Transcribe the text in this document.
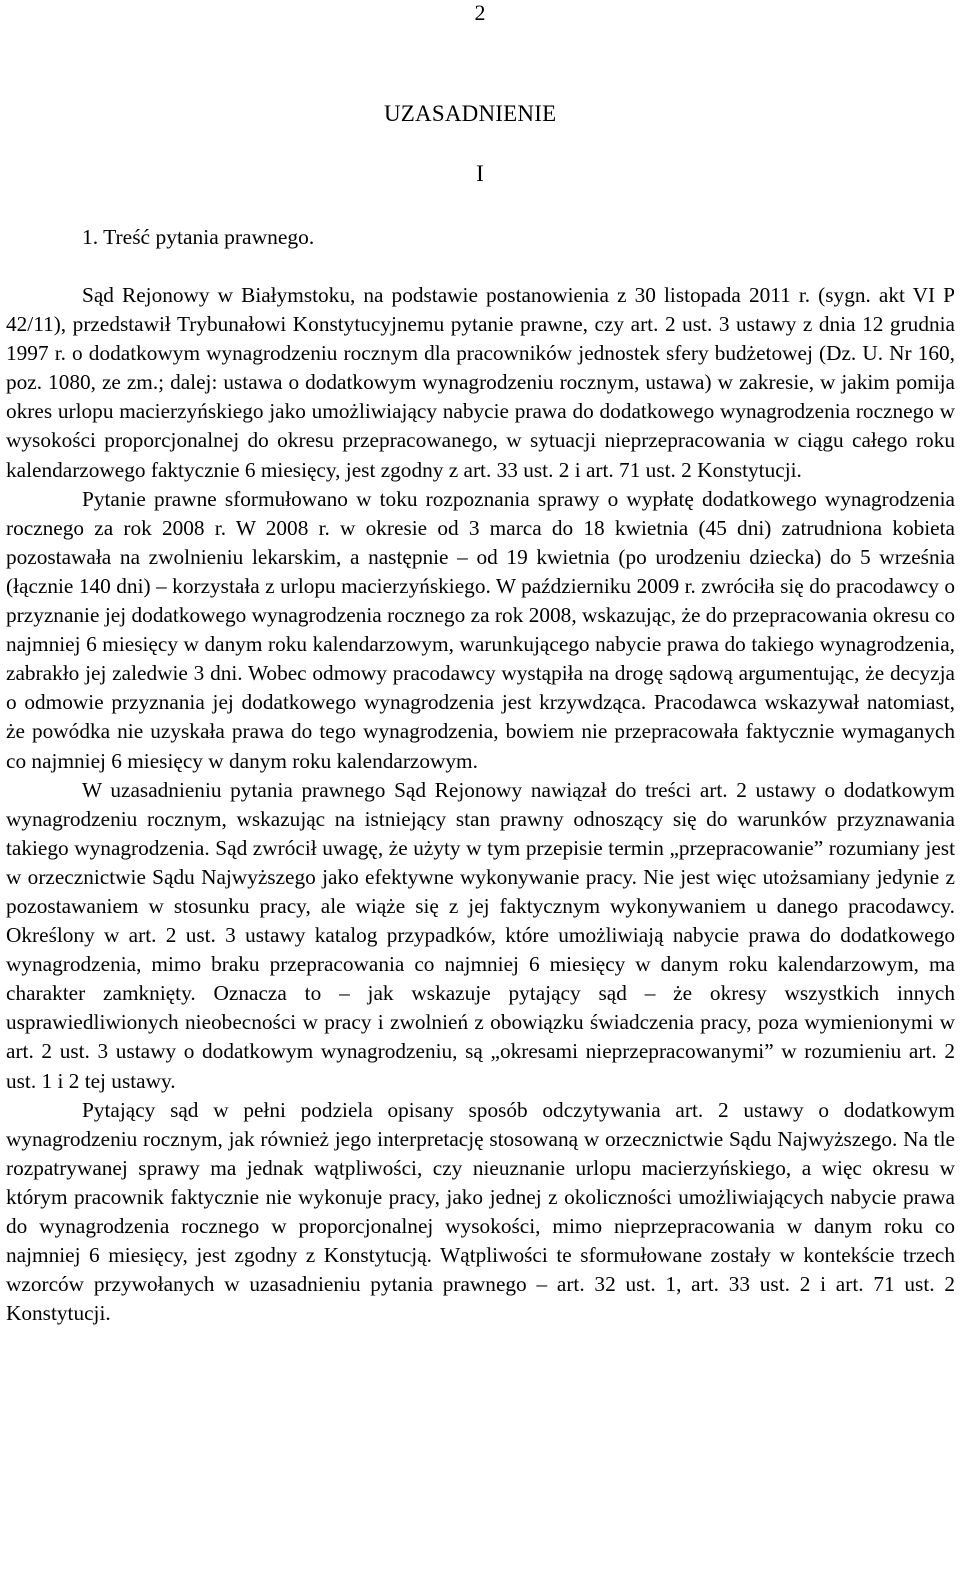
2
UZASADNIENIE
I
1. Treść pytania prawnego.

Sąd Rejonowy w Białymstoku, na podstawie postanowienia z 30 listopada 2011 r. (sygn. akt VI P 42/11), przedstawił Trybunałowi Konstytucyjnemu pytanie prawne, czy art. 2 ust. 3 ustawy z dnia 12 grudnia 1997 r. o dodatkowym wynagrodzeniu rocznym dla pracowników jednostek sfery budżetowej (Dz. U. Nr 160, poz. 1080, ze zm.; dalej: ustawa o dodatkowym wynagrodzeniu rocznym, ustawa) w zakresie, w jakim pomija okres urlopu macierzyńskiego jako umożliwiający nabycie prawa do dodatkowego wynagrodzenia rocznego w wysokości proporcjonalnej do okresu przepracowanego, w sytuacji nieprzepracowania w ciągu całego roku kalendarzowego faktycznie 6 miesięcy, jest zgodny z art. 33 ust. 2 i art. 71 ust. 2 Konstytucji.

Pytanie prawne sformułowano w toku rozpoznania sprawy o wypłatę dodatkowego wynagrodzenia rocznego za rok 2008 r. W 2008 r. w okresie od 3 marca do 18 kwietnia (45 dni) zatrudniona kobieta pozostawała na zwolnieniu lekarskim, a następnie – od 19 kwietnia (po urodzeniu dziecka) do 5 września (łącznie 140 dni) – korzystała z urlopu macierzyńskiego. W październiku 2009 r. zwróciła się do pracodawcy o przyznanie jej dodatkowego wynagrodzenia rocznego za rok 2008, wskazując, że do przepracowania okresu co najmniej 6 miesięcy w danym roku kalendarzowym, warunkującego nabycie prawa do takiego wynagrodzenia, zabrakło jej zaledwie 3 dni. Wobec odmowy pracodawcy wystąpiła na drogę sądową argumentując, że decyzja o odmowie przyznania jej dodatkowego wynagrodzenia jest krzywdząca. Pracodawca wskazywał natomiast, że powódka nie uzyskała prawa do tego wynagrodzenia, bowiem nie przepracowała faktycznie wymaganych co najmniej 6 miesięcy w danym roku kalendarzowym.

W uzasadnieniu pytania prawnego Sąd Rejonowy nawiązał do treści art. 2 ustawy o dodatkowym wynagrodzeniu rocznym, wskazując na istniejący stan prawny odnoszący się do warunków przyznawania takiego wynagrodzenia. Sąd zwrócił uwagę, że użyty w tym przepisie termin „przepracowanie” rozumiany jest w orzecznictwie Sądu Najwyższego jako efektywne wykonywanie pracy. Nie jest więc utożsamiany jedynie z pozostawaniem w stosunku pracy, ale wiąże się z jej faktycznym wykonywaniem u danego pracodawcy. Określony w art. 2 ust. 3 ustawy katalog przypadków, które umożliwiają nabycie prawa do dodatkowego wynagrodzenia, mimo braku przepracowania co najmniej 6 miesięcy w danym roku kalendarzowym, ma charakter zamknięty. Oznacza to – jak wskazuje pytający sąd – że okresy wszystkich innych usprawiedliwionych nieobecności w pracy i zwolnień z obowiązku świadczenia pracy, poza wymienionymi w art. 2 ust. 3 ustawy o dodatkowym wynagrodzeniu, są „okresami nieprzepracowanymi” w rozumieniu art. 2 ust. 1 i 2 tej ustawy.

Pytający sąd w pełni podziela opisany sposób odczytywania art. 2 ustawy o dodatkowym wynagrodzeniu rocznym, jak również jego interpretację stosowaną w orzecznictwie Sądu Najwyższego. Na tle rozpatrywanej sprawy ma jednak wątpliwości, czy nieuznanie urlopu macierzyńskiego, a więc okresu w którym pracownik faktycznie nie wykonuje pracy, jako jednej z okoliczności umożliwiających nabycie prawa do wynagrodzenia rocznego w proporcjonalnej wysokości, mimo nieprzepracowania w danym roku co najmniej 6 miesięcy, jest zgodny z Konstytucją. Wątpliwości te sformułowane zostały w kontekście trzech wzorców przywołanych w uzasadnieniu pytania prawnego – art. 32 ust. 1, art. 33 ust. 2 i art. 71 ust. 2 Konstytucji.
